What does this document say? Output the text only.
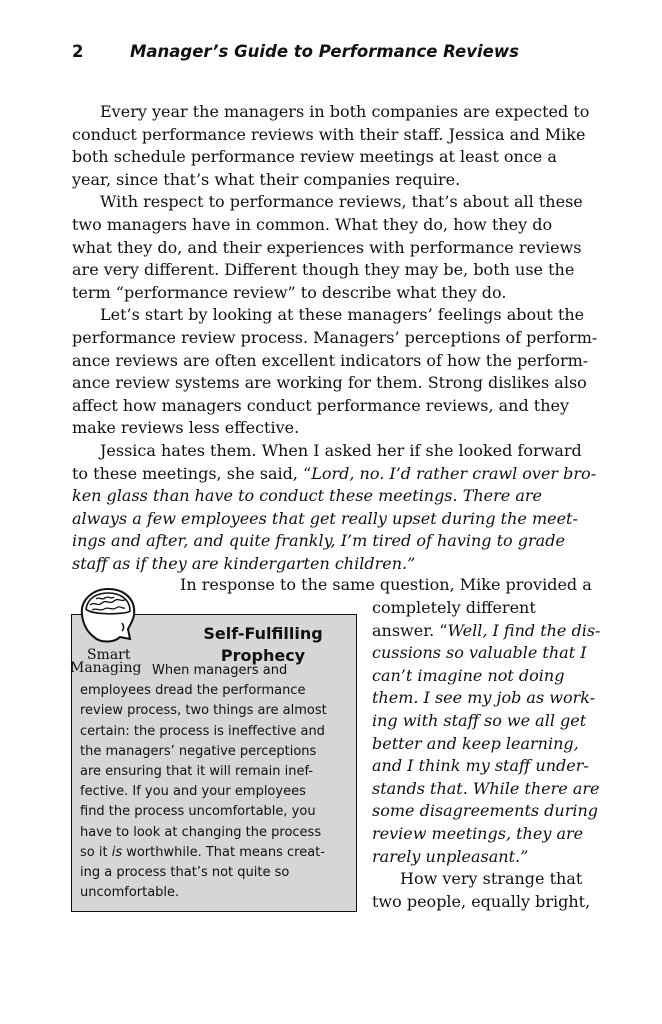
2	Manager’s Guide to Performance Reviews

Every year the managers in both companies are expected to
conduct performance reviews with their staff. Jessica and Mike
both schedule performance review meetings at least once a
year, since that’s what their companies require.

With respect to performance reviews, that’s about all these
two managers have in common. What they do, how they do
what they do, and their experiences with performance reviews
are very different. Different though they may be, both use the
term “performance review” to describe what they do.

Let’s start by looking at these managers’ feelings about the
performance review process. Managers’ perceptions of perform-
ance reviews are often excellent indicators of how the perform-
ance review systems are working for them. Strong dislikes also
affect how managers conduct performance reviews, and they
make reviews less effective.

Jessica hates them. When I asked her if she looked forward
to these meetings, she said, “Lord, no. I’d rather crawl over bro-
ken glass than have to conduct these meetings. There are
always a few employees that get really upset during the meet-
ings and after, and quite frankly, I’m tired of having to grade
staff as if they are kindergarten children.”

In response to the same question, Mike provided a
completely different
answer. “Well, I find the dis-
cussions so valuable that I
can’t imagine not doing
them. I see my job as work-
ing with staff so we all get
better and keep learning,
and I think my staff under-
stands that. While there are
some disagreements during
review meetings, they are
rarely unpleasant.”
How very strange that
two people, equally bright,
Self-Fulfilling
Prophecy
Smart
Managing When managers and
employees dread the performance
review process, two things are almost
certain: the process is ineffective and
the managers’ negative perceptions
are ensuring that it will remain inef-
fective. If you and your employees
find the process uncomfortable, you
have to look at changing the process
so it is worthwhile. That means creat-
ing a process that’s not quite so
uncomfortable.
